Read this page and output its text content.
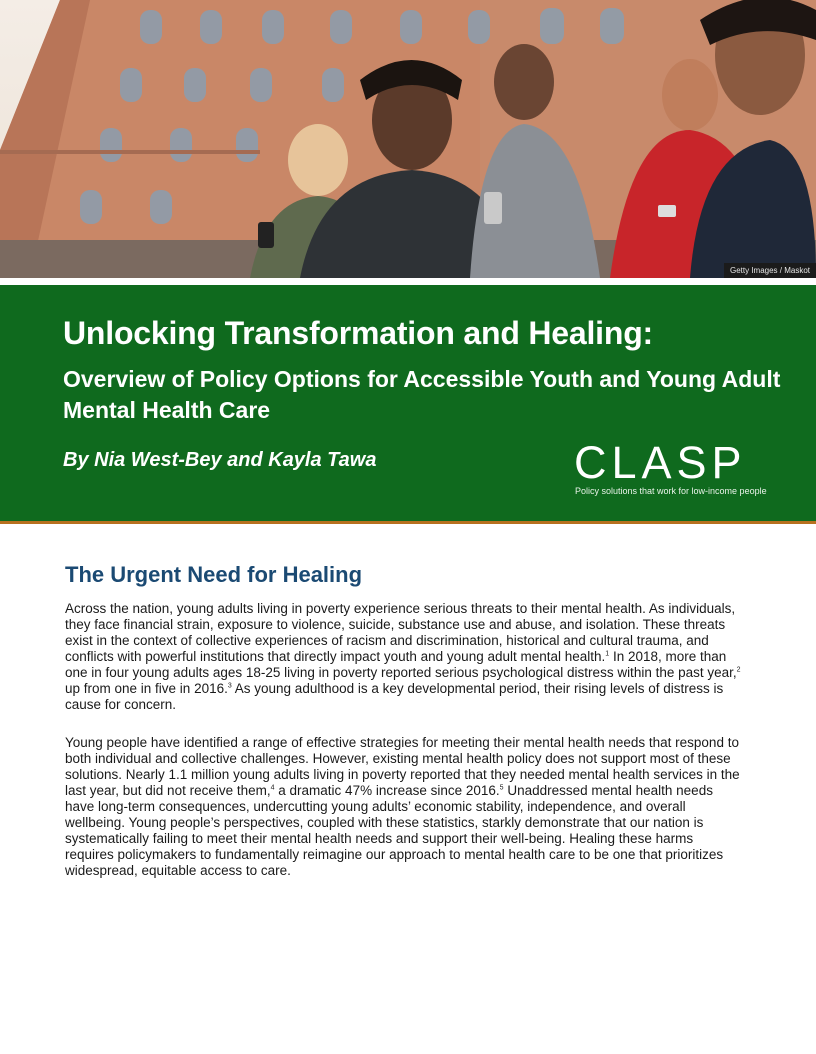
Getty Images / Maskot
Unlocking Transformation and Healing:
Overview of Policy Options for Accessible Youth and Young Adult Mental Health Care

By Nia West-Bey and Kayla Tawa	CLASP

Policy solutions that work for low-income people

The Urgent Need for Healing

Across the nation, young adults living in poverty experience serious threats to their mental health. As individuals, they face financial strain, exposure to violence, suicide, substance use and abuse, and isolation. These threats exist in the context of collective experiences of racism and discrimination, historical and cultural trauma, and conflicts with powerful institutions that directly impact youth and young adult mental health.$^1$ In 2018, more than one in four young adults ages 18-25 living in poverty reported serious psychological distress within the past year,$^2$ up from one in five in 2016.$^3$ As young adulthood is a key developmental period, their rising levels of distress is cause for concern.

Young people have identified a range of effective strategies for meeting their mental health needs that respond to both individual and collective challenges. However, existing mental health policy does not support most of these solutions. Nearly 1.1 million young adults living in poverty reported that they needed mental health services in the last year, but did not receive them,$^4$ a dramatic 47% increase since 2016.$^5$ Unaddressed mental health needs have long-term consequences, undercutting young adults’ economic stability, independence, and overall wellbeing. Young people’s perspectives, coupled with these statistics, starkly demonstrate that our nation is systematically failing to meet their mental health needs and support their well-being. Healing these harms requires policymakers to fundamentally reimagine our approach to mental health care to be one that prioritizes widespread, equitable access to care.
